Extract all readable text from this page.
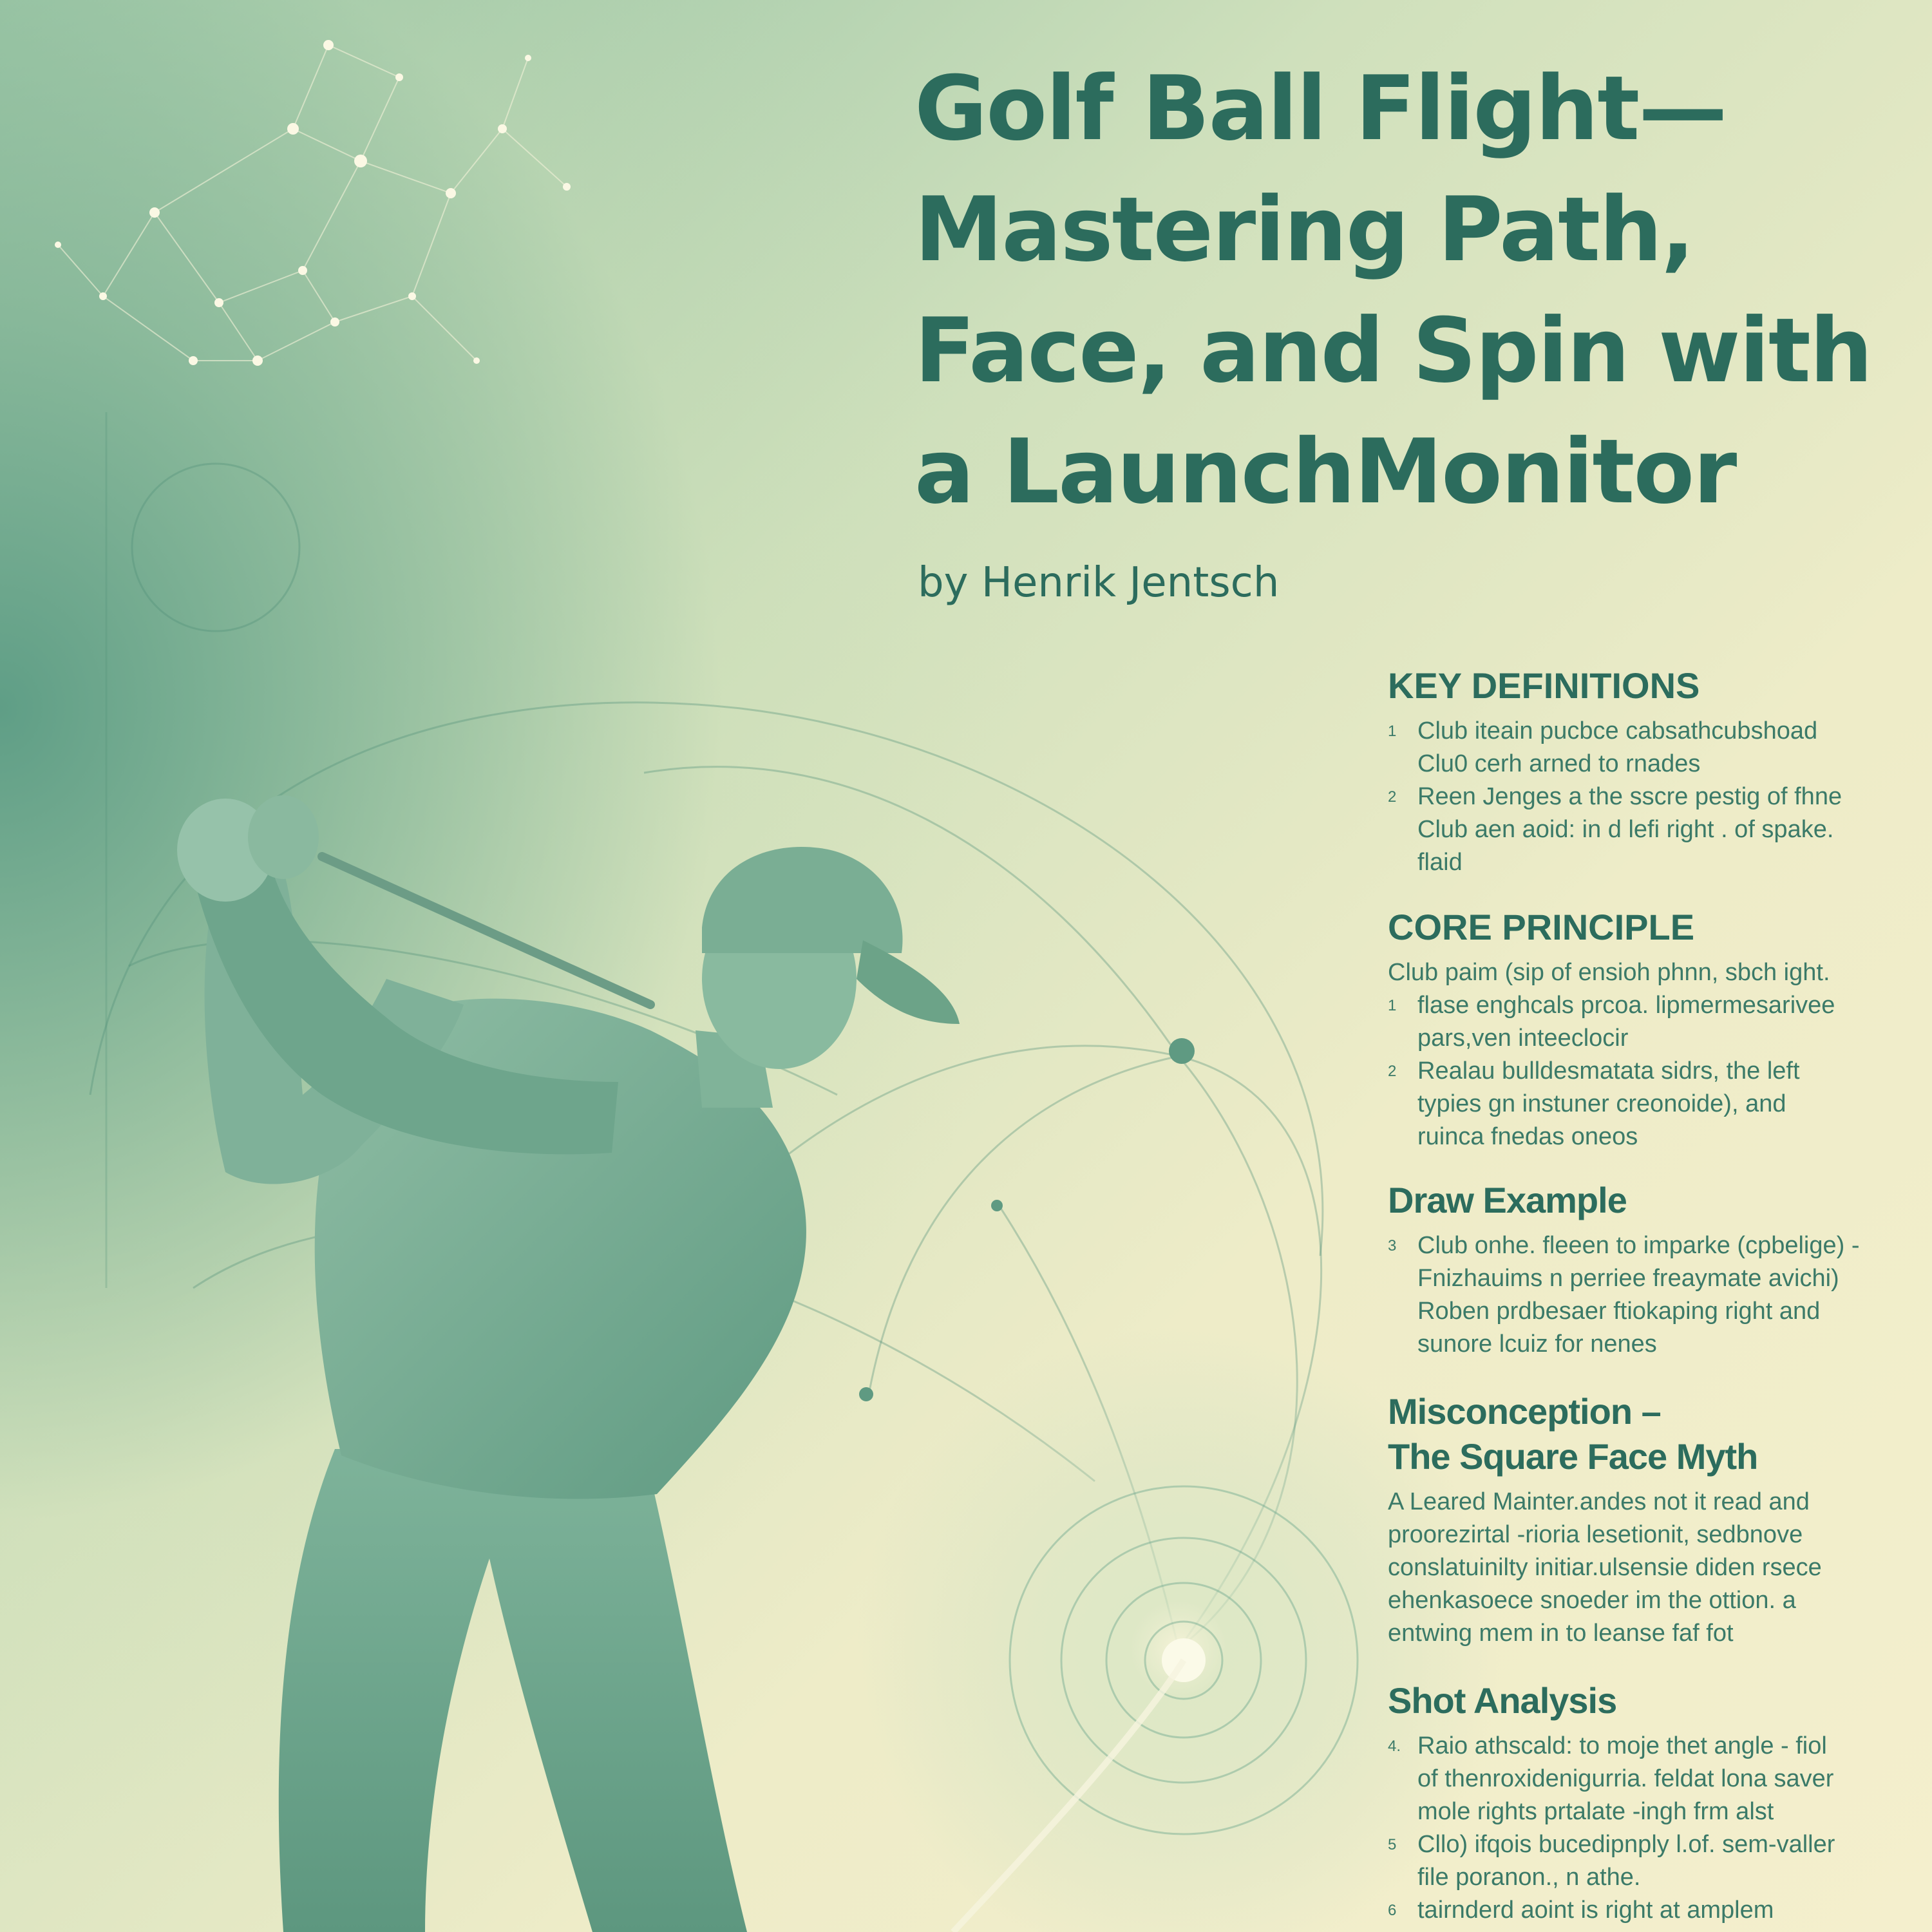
Golf Ball Flight—
Mastering Path,
Face, and Spin with
a LaunchMonitor

by Henrik Jentsch

KEY DEFINITIONS
1 Club iteain pucbce cabsathcubshoad

Clu0 cerh arned to rnades

2 Reen Jenges a the sscre pestig of fhne

Club aen aoid: in d lefi right . of spake.

flaid

CORE PRINCIPLE

Club paim (sip of ensioh phnn, sbch ight.

1 flase enghcals prcoa. lipmermesarivee

pars,ven inteeclocir

2 Realau bulldesmatata sidrs, the left

typies gn instuner creonoide), and

ruinca fnedas oneos

Draw Example
3 Club onhe. fleeen to imparke (cpbelige) -

Fnizhauims n perriee freaymate avichi)

Roben prdbesaer ftiokaping right and

sunore lcuiz for nenes

Misconception –
The Square Face Myth

A Leared Mainter.andes not it read and

proorezirtal -rioria lesetionit, sedbnove

conslatuinilty initiar.ulsensie diden rsece

ehenkasoece snoeder im the ottion. a

entwing mem in to leanse faf fot

Shot Analysis
4. Raio athscald: to moje thet angle - fiol

of thenroxidenigurria. feldat lona saver

mole rights prtalate -ingh frm alst

5 Cllo) ifqois bucedipnply l.of. sem-valler

file poranon., n athe.

6 tairnderd aoint is right at amplem
